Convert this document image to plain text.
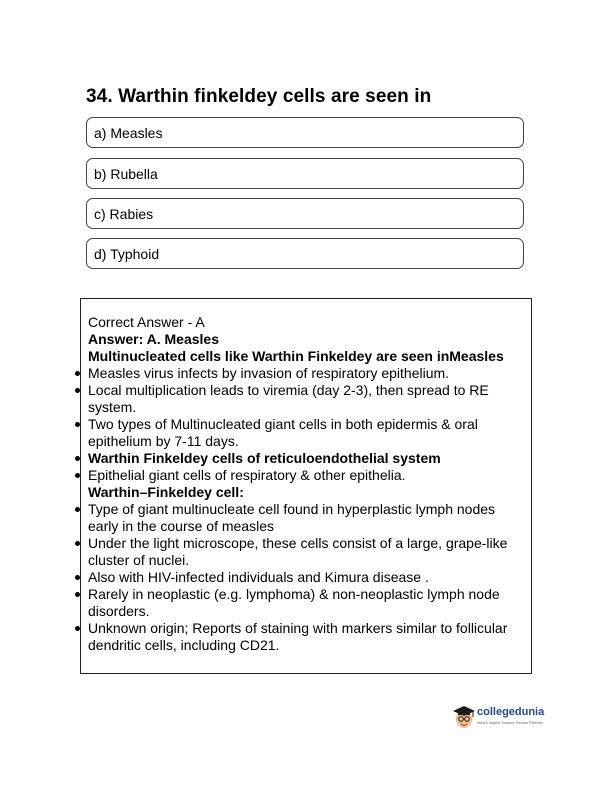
34. Warthin finkeldey cells are seen in
a) Measles
b) Rubella
c) Rabies
d) Typhoid
Correct Answer - A
Answer: A. Measles
Multinucleated cells like Warthin Finkeldey are seen inMeasles
Measles virus infects by invasion of respiratory epithelium.
Local multiplication leads to viremia (day 2-3), then spread to RE system.
Two types of Multinucleated giant cells in both epidermis & oral epithelium by 7-11 days.
Warthin Finkeldey cells of reticuloendothelial system
Epithelial giant cells of respiratory & other epithelia.
Warthin–Finkeldey cell:
Type of giant multinucleate cell found in hyperplastic lymph nodes early in the course of measles
Under the light microscope, these cells consist of a large, grape-like cluster of nuclei.
Also with HIV-infected individuals and Kimura disease .
Rarely in neoplastic (e.g. lymphoma) & non-neoplastic lymph node disorders.
Unknown origin; Reports of staining with markers similar to follicular dendritic cells, including CD21.
collegedunia
India's largest Student Review Platform
